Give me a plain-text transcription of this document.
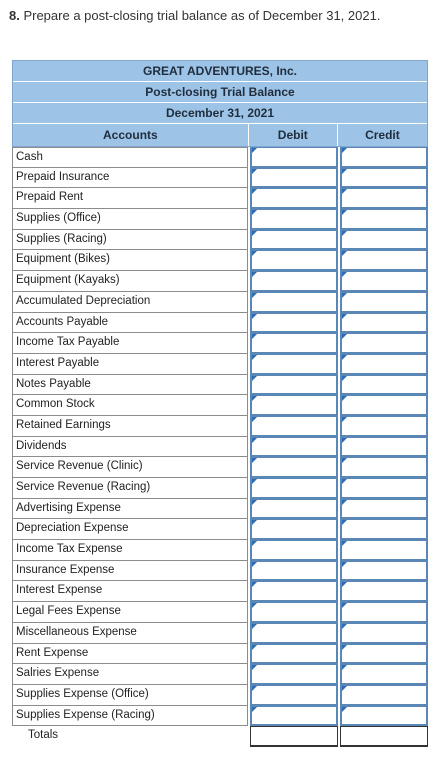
8. Prepare a post-closing trial balance as of December 31, 2021.
GREAT ADVENTURES, Inc.
Post-closing Trial Balance
December 31, 2021
Accounts	Debit	Credit
Cash
Prepaid Insurance
Prepaid Rent
Supplies (Office)
Supplies (Racing)
Equipment (Bikes)
Equipment (Kayaks)
Accumulated Depreciation
Accounts Payable
Income Tax Payable
Interest Payable
Notes Payable
Common Stock
Retained Earnings
Dividends
Service Revenue (Clinic)
Service Revenue (Racing)
Advertising Expense
Depreciation Expense
Income Tax Expense
Insurance Expense
Interest Expense
Legal Fees Expense
Miscellaneous Expense
Rent Expense
Salries Expense
Supplies Expense (Office)
Supplies Expense (Racing)
Totals
